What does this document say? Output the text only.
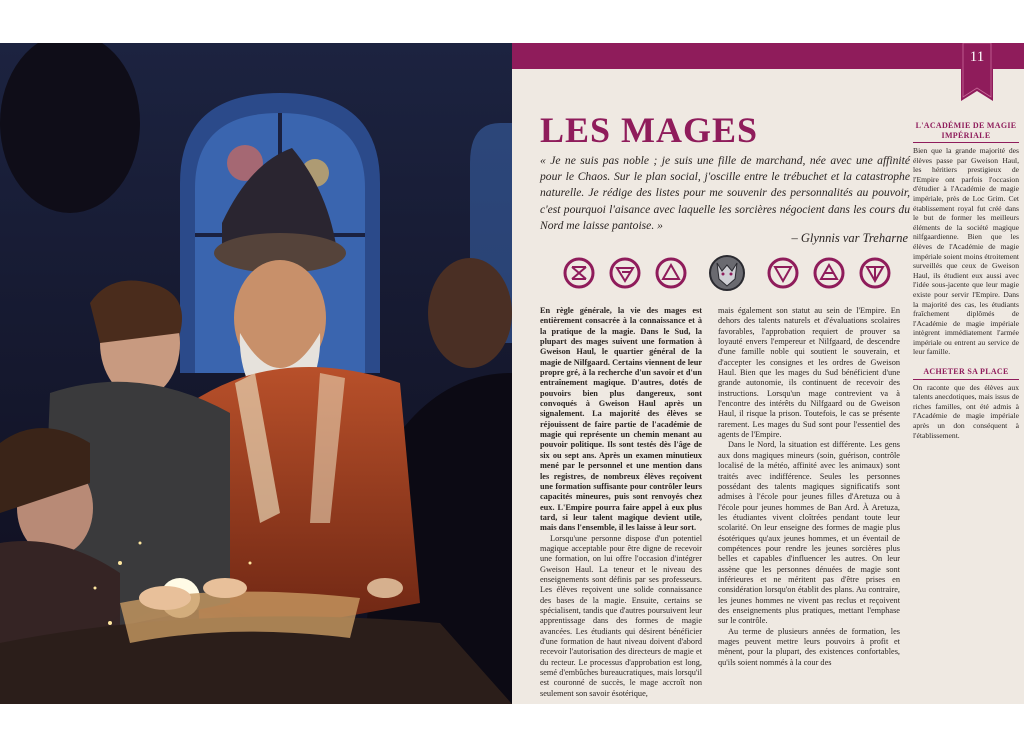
11
LES MAGES
« Je ne suis pas noble ; je suis une fille de marchand, née avec une affinité pour le Chaos. Sur le plan social, j'oscille entre le trébuchet et la catastrophe naturelle. Je rédige des listes pour me souvenir des personnalités au pouvoir, c'est pourquoi l'aisance avec laquelle les sorcières négocient dans les cours du Nord me laisse pantoise. »
– Glynnis var Treharne

En règle générale, la vie des mages est entièrement consacrée à la connaissance et à la pratique de la magie. Dans le Sud, la plupart des mages suivent une formation à Gweison Haul, le quartier général de la magie de Nilfgaard. Certains viennent de leur propre gré, à la recherche d'un savoir et d'un entraînement magique. D'autres, dotés de pouvoirs bien plus dangereux, sont convoqués à Gweison Haul après un signalement. La majorité des élèves se réjouissent de faire partie de l'académie de magie qui représente un chemin menant au pouvoir politique. Ils sont testés dès l'âge de six ou sept ans. Après un examen minutieux mené par le personnel et une mention dans les registres, de nombreux élèves reçoivent une formation suffisante pour contrôler leurs capacités mineures, puis sont renvoyés chez eux. L'Empire pourra faire appel à eux plus tard, si leur talent magique devient utile, mais dans l'ensemble, il les laisse à leur sort.

Lorsqu'une personne dispose d'un potentiel magique acceptable pour être digne de recevoir une formation, on lui offre l'occasion d'intégrer Gweison Haul. La teneur et le niveau des enseignements sont définis par ses professeurs. Les élèves reçoivent une solide connaissance des bases de la magie. Ensuite, certains se spécialisent, tandis que d'autres poursuivent leur apprentissage dans des formes de magie avancées. Les étudiants qui désirent bénéficier d'une formation de haut niveau doivent d'abord recevoir l'autorisation des directeurs de magie et du recteur. Le processus d'approbation est long, semé d'embûches bureaucratiques, mais lorsqu'il est couronné de succès, le mage accroît non seulement son savoir ésotérique,

mais également son statut au sein de l'Empire. En dehors des talents naturels et d'évaluations scolaires favorables, l'approbation requiert de prouver sa loyauté envers l'empereur et Nilfgaard, de descendre d'une famille noble qui soutient le souverain, et d'accepter les consignes et les ordres de Gweison Haul. Bien que les mages du Sud bénéficient d'une grande autonomie, ils continuent de recevoir des instructions. Lorsqu'un mage contrevient va à l'encontre des intérêts du Nilfgaard ou de Gweison Haul, il risque la prison. Toutefois, le cas se présente rarement. Les mages du Sud sont pour l'essentiel des agents de l'Empire.

Dans le Nord, la situation est différente. Les gens aux dons magiques mineurs (soin, guérison, contrôle localisé de la météo, affinité avec les animaux) sont traités avec indifférence. Seules les personnes possédant des talents magiques significatifs sont admises à l'école pour jeunes filles d'Aretuza ou à l'école pour jeunes hommes de Ban Ard. À Aretuza, les étudiantes vivent cloîtrées pendant toute leur scolarité. On leur enseigne des formes de magie plus ésotériques qu'aux jeunes hommes, et un éventail de compétences pour rendre les jeunes sorcières plus belles et capables d'influencer les autres. On leur assène que les personnes dénuées de magie sont inférieures et ne méritent pas d'être prises en considération lorsqu'on établit des plans. Au contraire, les jeunes hommes ne vivent pas reclus et reçoivent des enseignements plus pratiques, mettant l'emphase sur le contrôle.

Au terme de plusieurs années de formation, les mages peuvent mettre leurs pouvoirs à profit et mènent, pour la plupart, des existences confortables, qu'ils soient nommés à la cour des

L'ACADÉMIE DE MAGIE IMPÉRIALE
Bien que la grande majorité des élèves passe par Gweison Haul, les héritiers prestigieux de l'Empire ont parfois l'occasion d'étudier à l'Académie de magie impériale, près de Loc Grim. Cet établissement royal fut créé dans le but de former les meilleurs éléments de la société magique nilfgaardienne. Bien que les élèves de l'Académie de magie impériale soient moins étroitement surveillés que ceux de Gweison Haul, ils étudient eux aussi avec l'idée sous-jacente que leur magie existe pour servir l'Empire. Dans la majorité des cas, les étudiants fraîchement diplômés de l'Académie de magie impériale intègrent immédiatement l'armée impériale ou entrent au service de leur famille.
ACHETER SA PLACE
On raconte que des élèves aux talents anecdotiques, mais issus de riches familles, ont été admis à l'Académie de magie impériale après un don conséquent à l'établissement.
